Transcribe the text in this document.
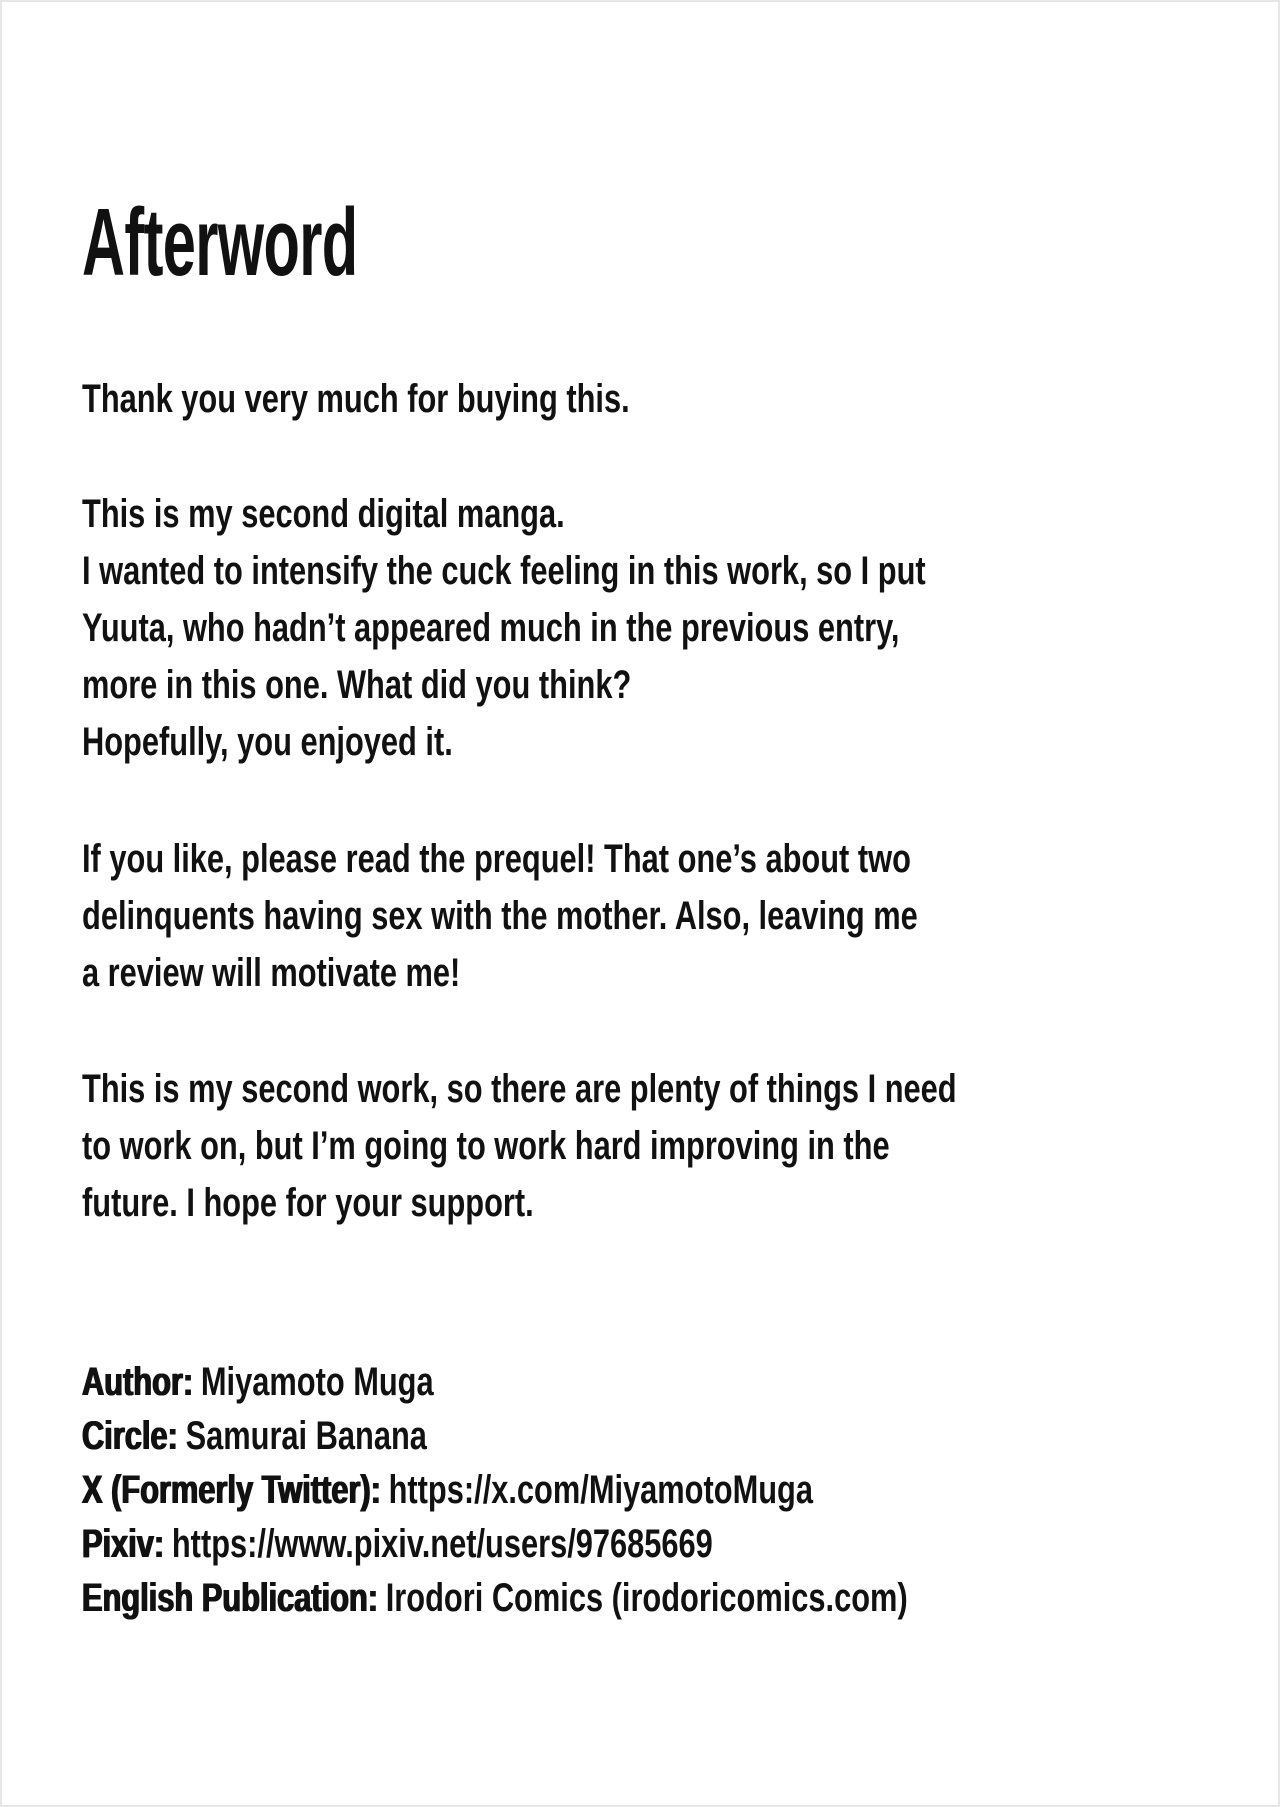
Afterword
Thank you very much for buying this.
This is my second digital manga.
I wanted to intensify the cuck feeling in this work, so I put
Yuuta, who hadn’t appeared much in the previous entry,
more in this one. What did you think?
Hopefully, you enjoyed it.
If you like, please read the prequel! That one’s about two
delinquents having sex with the mother. Also, leaving me
a review will motivate me!
This is my second work, so there are plenty of things I need
to work on, but I’m going to work hard improving in the
future. I hope for your support.
Author: Miyamoto Muga
Circle: Samurai Banana
X (Formerly Twitter): https://x.com/MiyamotoMuga
Pixiv: https://www.pixiv.net/users/97685669
English Publication: Irodori Comics (irodoricomics.com)
